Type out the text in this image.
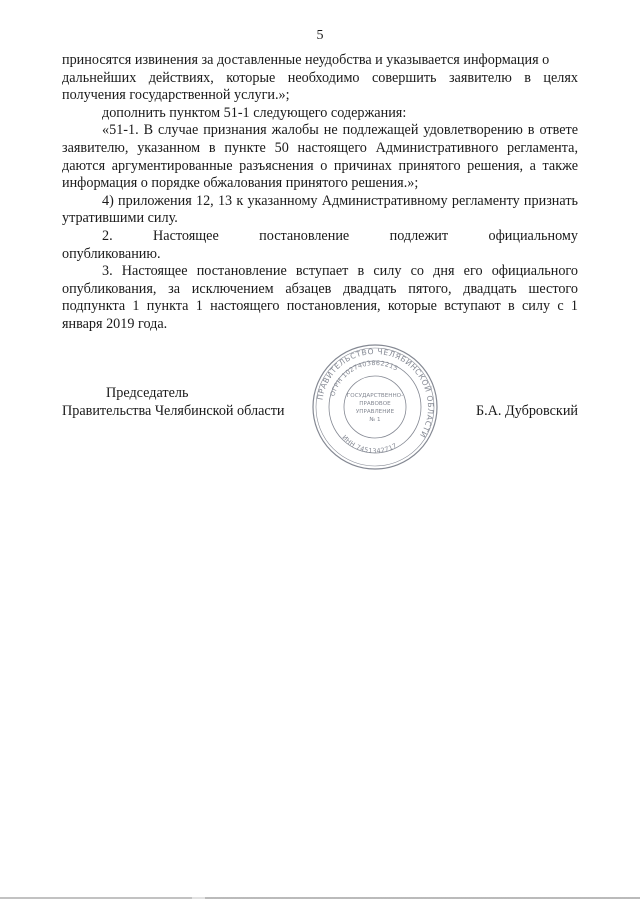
5

приносятся извинения за доставленные неудобства и указывается информация о

дальнейших действиях, которые необходимо совершить заявителю в целях получения государственной услуги.»;

дополнить пунктом 51-1 следующего содержания:

«51-1. В случае признания жалобы не подлежащей удовлетворению в ответе заявителю, указанном в пункте 50 настоящего Административного регламента, даются аргументированные разъяснения о причинах принятого решения, а также информация о порядке обжалования принятого решения.»;

4) приложения 12, 13 к указанному Административному регламенту признать утратившими силу.

2. Настоящее постановление подлежит официальному

опубликованию.

3. Настоящее постановление вступает в силу со дня его официального опубликования, за исключением абзацев двадцать пятого, двадцать шестого подпункта 1 пункта 1 настоящего постановления, которые вступают в силу с 1 января 2019 года.

Председатель
Правительства Челябинской области	Б.А. Дубровский
ПРАВИТЕЛЬСТВО ЧЕЛЯБИНСКОЙ ОБЛАСТИ
ОГРН 1027403862215
ИНН 7451342717
ГОСУДАРСТВЕННО-
ПРАВОВОЕ
УПРАВЛЕНИЕ
№ 1
